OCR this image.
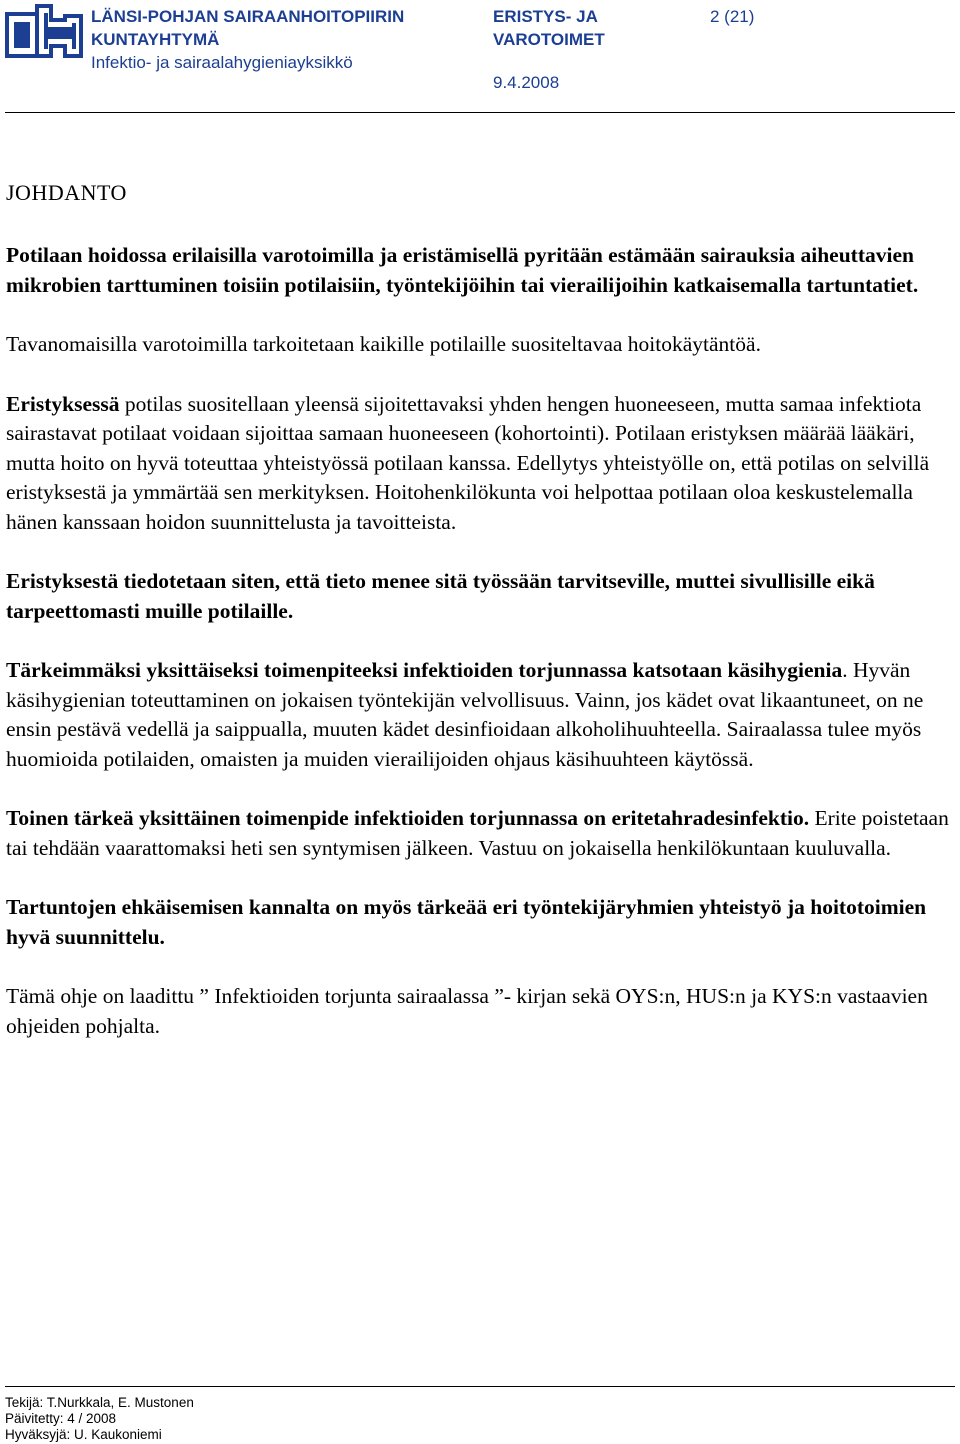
LÄNSI-POHJAN SAIRAANHOITOPIIRIN
KUNTAYHTYMÄ
Infektio- ja sairaalahygieniayksikkö
ERISTYS- JA
VAROTOIMET
9.4.2008
2 (21)
JOHDANTO

Potilaan hoidossa erilaisilla varotoimilla ja eristämisellä pyritään estämään sairauksia aiheuttavien mikrobien tarttuminen toisiin potilaisiin, työntekijöihin tai vierailijoihin katkaisemalla tartuntatiet.

Tavanomaisilla varotoimilla tarkoitetaan kaikille potilaille suositeltavaa hoitokäytäntöä.

Eristyksessä potilas suositellaan yleensä sijoitettavaksi yhden hengen huoneeseen, mutta samaa infektiota sairastavat potilaat voidaan sijoittaa samaan huoneeseen (kohortointi). Potilaan eristyksen määrää lääkäri, mutta hoito on hyvä toteuttaa yhteistyössä potilaan kanssa. Edellytys yhteistyölle on, että potilas on selvillä eristyksestä ja ymmärtää sen merkityksen. Hoitohenkilökunta voi helpottaa potilaan oloa keskustelemalla hänen kanssaan hoidon suunnittelusta ja tavoitteista.

Eristyksestä tiedotetaan siten, että tieto menee sitä työssään tarvitseville, muttei sivullisille eikä tarpeettomasti muille potilaille.

Tärkeimmäksi yksittäiseksi toimenpiteeksi infektioiden torjunnassa katsotaan käsihygienia. Hyvän käsihygienian toteuttaminen on jokaisen työntekijän velvollisuus. Vainn, jos kädet ovat likaantuneet, on ne ensin pestävä vedellä ja saippualla, muuten kädet desinfioidaan alkoholihuuhteella. Sairaalassa tulee myös huomioida potilaiden, omaisten ja muiden vierailijoiden ohjaus käsihuuhteen käytössä.

Toinen tärkeä yksittäinen toimenpide infektioiden torjunnassa on eritetahradesinfektio. Erite poistetaan tai tehdään vaarattomaksi heti sen syntymisen jälkeen. Vastuu on jokaisella henkilökuntaan kuuluvalla.

Tartuntojen ehkäisemisen kannalta on myös tärkeää eri työntekijäryhmien yhteistyö ja hoitotoimien hyvä suunnittelu.

Tämä ohje on laadittu ” Infektioiden torjunta sairaalassa ”- kirjan sekä OYS:n, HUS:n ja KYS:n vastaavien ohjeiden pohjalta.

Tekijä: T.Nurkkala, E. Mustonen
Päivitetty: 4 / 2008
Hyväksyjä: U. Kaukoniemi
